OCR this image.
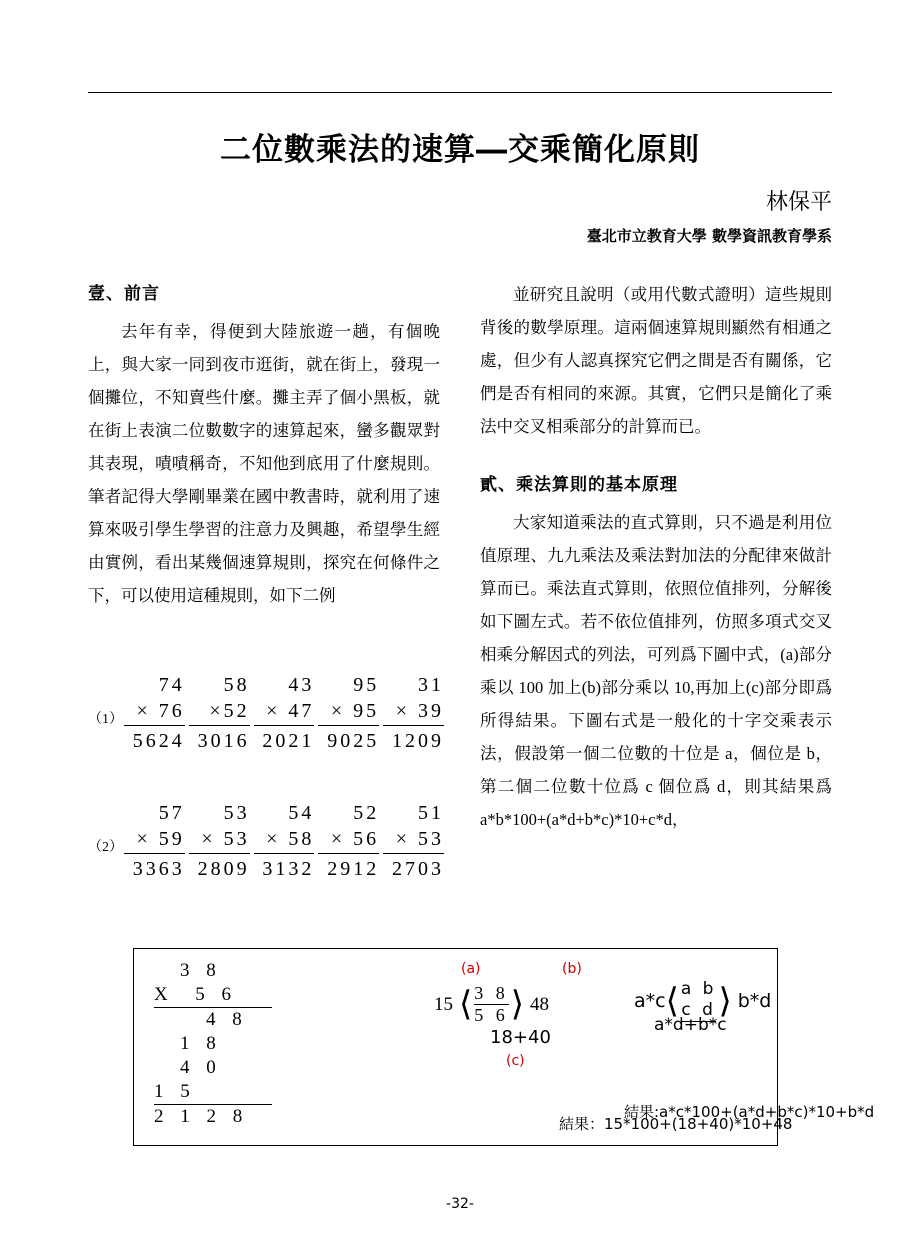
二位數乘法的速算―交乘簡化原則
林保平
臺北市立教育大學 數學資訊教育學系
壹、前言

去年有幸，得便到大陸旅遊一趟，有個晚上，與大家一同到夜市逛街，就在街上，發現一個攤位，不知賣些什麼。攤主弄了個小黑板，就在街上表演二位數數字的速算起來，蠻多觀眾對其表現，嘖嘖稱奇，不知他到底用了什麼規則。筆者記得大學剛畢業在國中教書時，就利用了速算來吸引學生學習的注意力及興趣，希望學生經由實例，看出某幾個速算規則，探究在何條件之下，可以使用這種規則，如下二例

並研究且說明（或用代數式證明）這些規則背後的數學原理。這兩個速算規則顯然有相通之處，但少有人認真探究它們之間是否有關係，它們是否有相同的來源。其實，它們只是簡化了乘法中交叉相乘部分的計算而已。

貳、乘法算則的基本原理

大家知道乘法的直式算則，只不過是利用位值原理、九九乘法及乘法對加法的分配律來做計算而已。乘法直式算則，依照位值排列，分解後如下圖左式。若不依位值排列，仿照多項式交叉相乘分解因式的列法，可列爲下圖中式，(a)部分乘以 100 加上(b)部分乘以 10,再加上(c)部分即爲所得結果。下圖右式是一般化的十字交乘表示法，假設第一個二位數的十位是 a，個位是 b，第二個二位數十位爲 c 個位爲 d，則其結果爲 a*b*100+(a*d+b*c)*10+c*d，

（1）
74
× 76
5624
58
×52
3016
43
× 47
2021
95
× 95
9025
31
× 39
1209
（2）
57
× 59
3363
53
× 53
2809
54
× 58
3132
52
× 56
2912
51
× 53
2703
3 8
X  5 6
4 8
1 8
4 0
1 5
2 1 2 8
(a)	(b)
(c)
15 ⟨ 3 8
5 6 ⟩ 48
18+40
結果：15*100+(18+40)*10+48
a*c ⟨ a b
c d ⟩ b*d
a*d+b*c
結果:a*c*100+(a*d+b*c)*10+b*d
-32-
